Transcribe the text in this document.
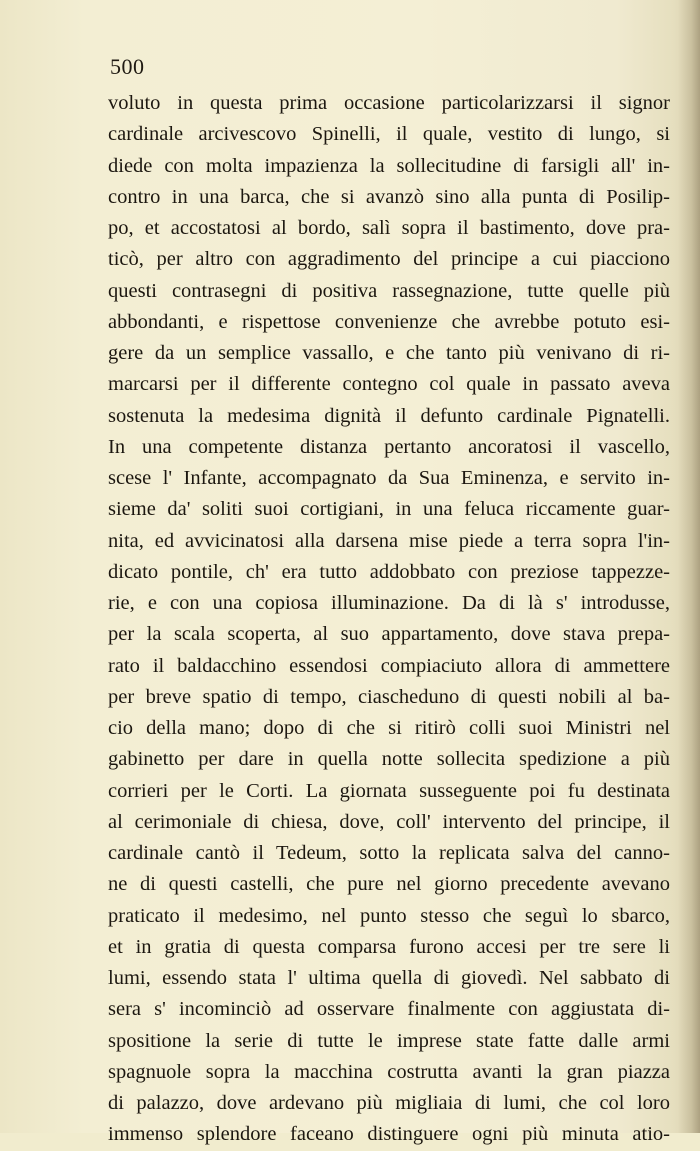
500
voluto in questa prima occasione particolarizzarsi il signor
cardinale arcivescovo Spinelli, il quale, vestito di lungo, si
diede con molta impazienza la sollecitudine di farsigli all' in-
contro in una barca, che si avanzò sino alla punta di Posilip-
po, et accostatosi al bordo, salì sopra il bastimento, dove pra-
ticò, per altro con aggradimento del principe a cui piacciono
questi contrasegni di positiva rassegnazione, tutte quelle più
abbondanti, e rispettose convenienze che avrebbe potuto esi-
gere da un semplice vassallo, e che tanto più venivano di ri-
marcarsi per il differente contegno col quale in passato aveva
sostenuta la medesima dignità il defunto cardinale Pignatelli.
In una competente distanza pertanto ancoratosi il vascello,
scese l' Infante, accompagnato da Sua Eminenza, e servito in-
sieme da' soliti suoi cortigiani, in una feluca riccamente guar-
nita, ed avvicinatosi alla darsena mise piede a terra sopra l'in-
dicato pontile, ch' era tutto addobbato con preziose tappezze-
rie, e con una copiosa illuminazione. Da di là s' introdusse,
per la scala scoperta, al suo appartamento, dove stava prepa-
rato il baldacchino essendosi compiaciuto allora di ammettere
per breve spatio di tempo, ciascheduno di questi nobili al ba-
cio della mano; dopo di che si ritirò colli suoi Ministri nel
gabinetto per dare in quella notte sollecita spedizione a più
corrieri per le Corti. La giornata susseguente poi fu destinata
al cerimoniale di chiesa, dove, coll' intervento del principe, il
cardinale cantò il Tedeum, sotto la replicata salva del canno-
ne di questi castelli, che pure nel giorno precedente avevano
praticato il medesimo, nel punto stesso che seguì lo sbarco,
et in gratia di questa comparsa furono accesi per tre sere li
lumi, essendo stata l' ultima quella di giovedì. Nel sabbato di
sera s' incominciò ad osservare finalmente con aggiustata di-
spositione la serie di tutte le imprese state fatte dalle armi
spagnuole sopra la macchina costrutta avanti la gran piazza
di palazzo, dove ardevano più migliaia di lumi, che col loro
immenso splendore faceano distinguere ogni più minuta atio-
